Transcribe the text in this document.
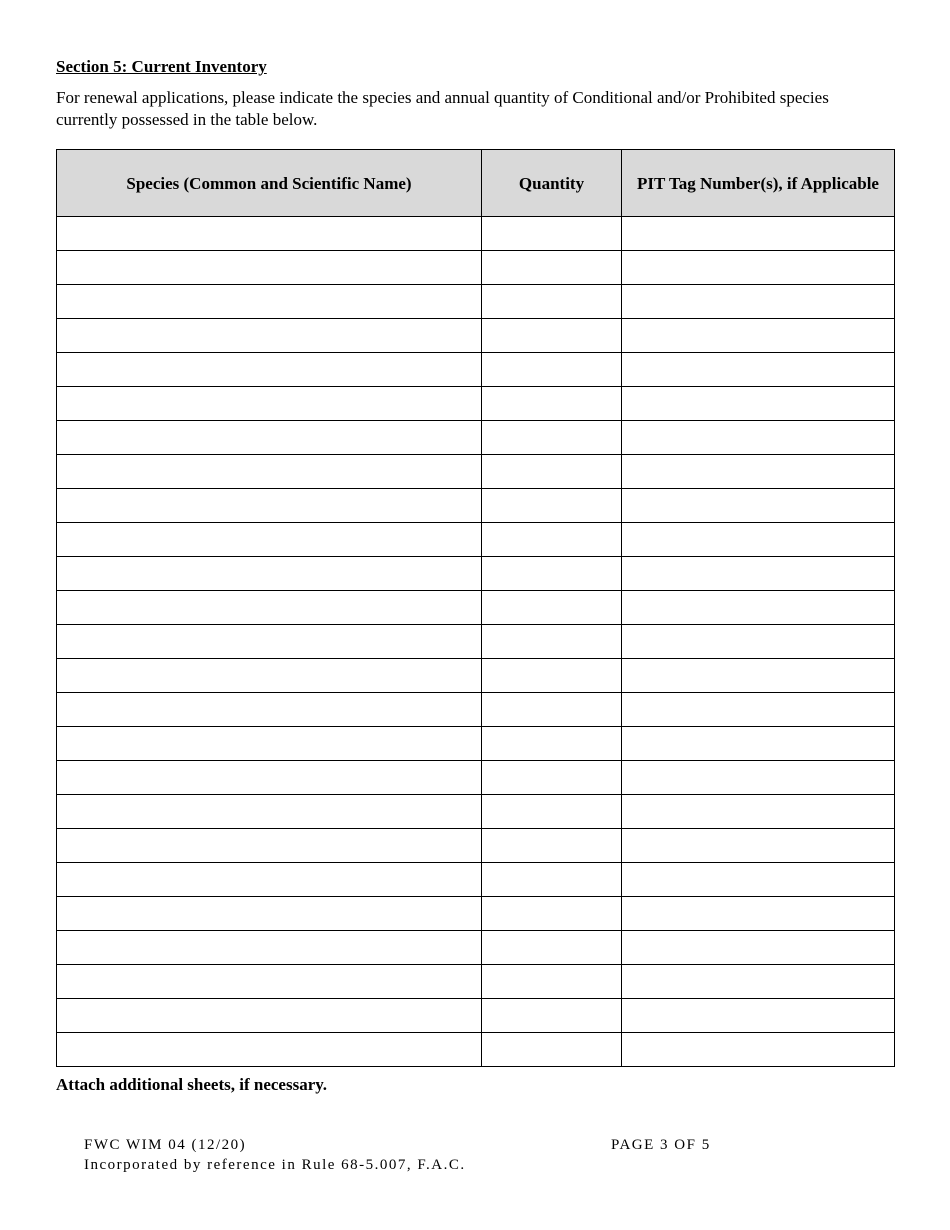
Section 5: Current Inventory

For renewal applications, please indicate the species and annual quantity of Conditional and/or Prohibited species currently possessed in the table below.

Species (Common and Scientific Name)	Quantity	PIT Tag Number(s), if Applicable

Attach additional sheets, if necessary.

FWC WIM 04 (12/20)
Incorporated by reference in Rule 68-5.007, F.A.C.
PAGE 3 OF 5
